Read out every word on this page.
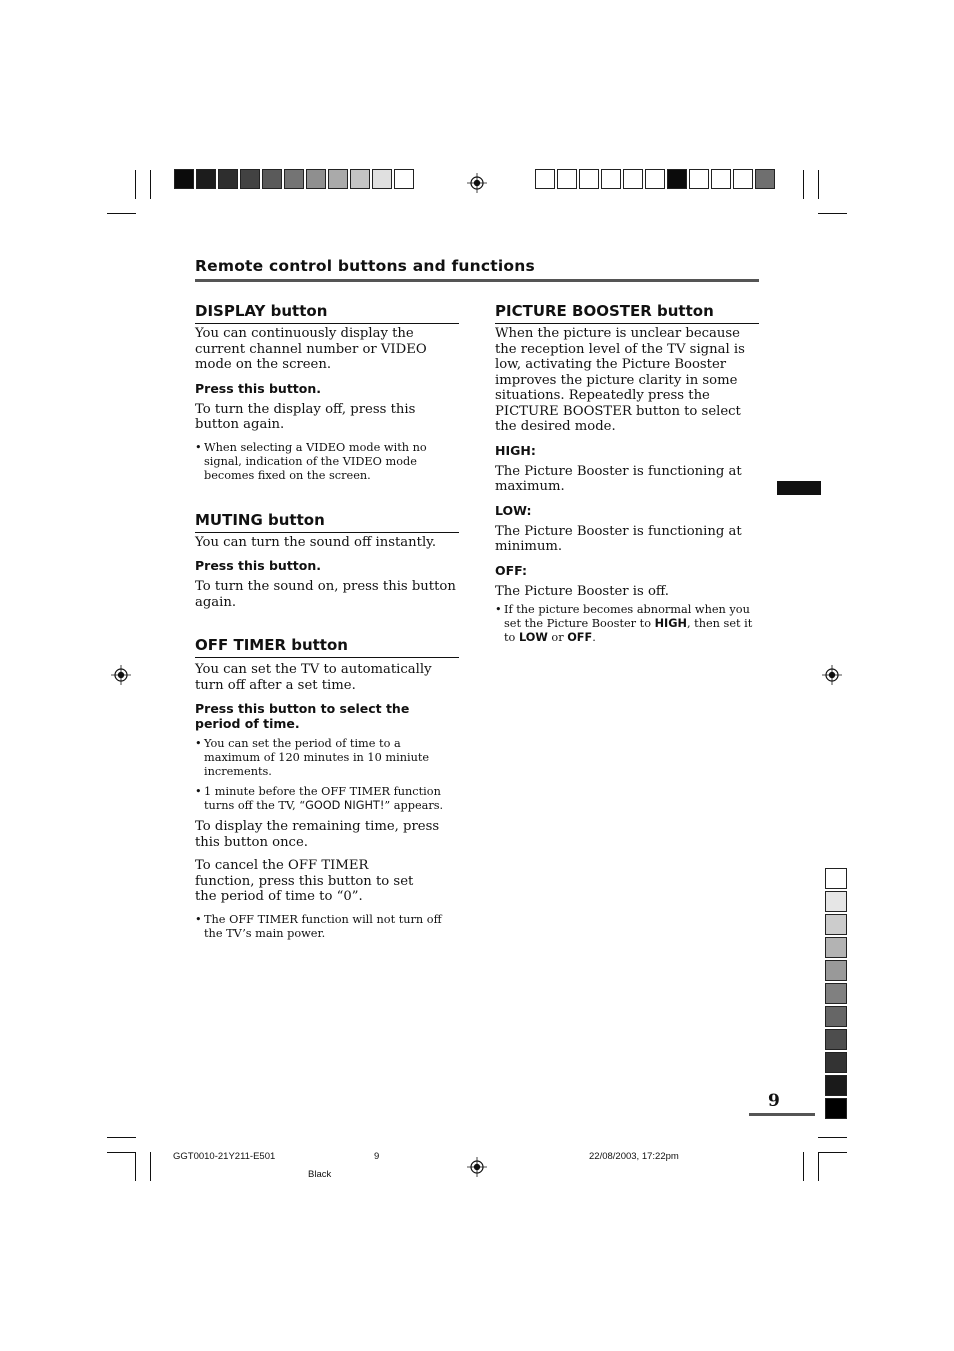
Remote control buttons and functions
DISPLAY button

You can continuously display the current channel number or VIDEO mode on the screen.

Press this button.

To turn the display off, press this button again.

• When selecting a VIDEO mode with no signal, indication of the VIDEO mode becomes fixed on the screen.

MUTING button

You can turn the sound off instantly.

Press this button.

To turn the sound on, press this button again.

OFF TIMER button

You can set the TV to automatically turn off after a set time.

Press this button to select the period of time.

• You can set the period of time to a maximum of 120 minutes in 10 miniute increments.

• 1 minute before the OFF TIMER function turns off the TV, “GOOD NIGHT!” appears.

To display the remaining time, press this button once.

To cancel the OFF TIMER function, press this button to set the period of time to “0”.

• The OFF TIMER function will not turn off the TV’s main power.

PICTURE BOOSTER button

When the picture is unclear because the reception level of the TV signal is low, activating the Picture Booster improves the picture clarity in some situations. Repeatedly press the PICTURE BOOSTER button to select the desired mode.

HIGH:

The Picture Booster is functioning at maximum.

LOW:

The Picture Booster is functioning at minimum.

OFF:

The Picture Booster is off.

• If the picture becomes abnormal when you set the Picture Booster to HIGH, then set it to LOW or OFF.

9
GGT0010-21Y211-E501	9	22/08/2003, 17:22pm
Black
